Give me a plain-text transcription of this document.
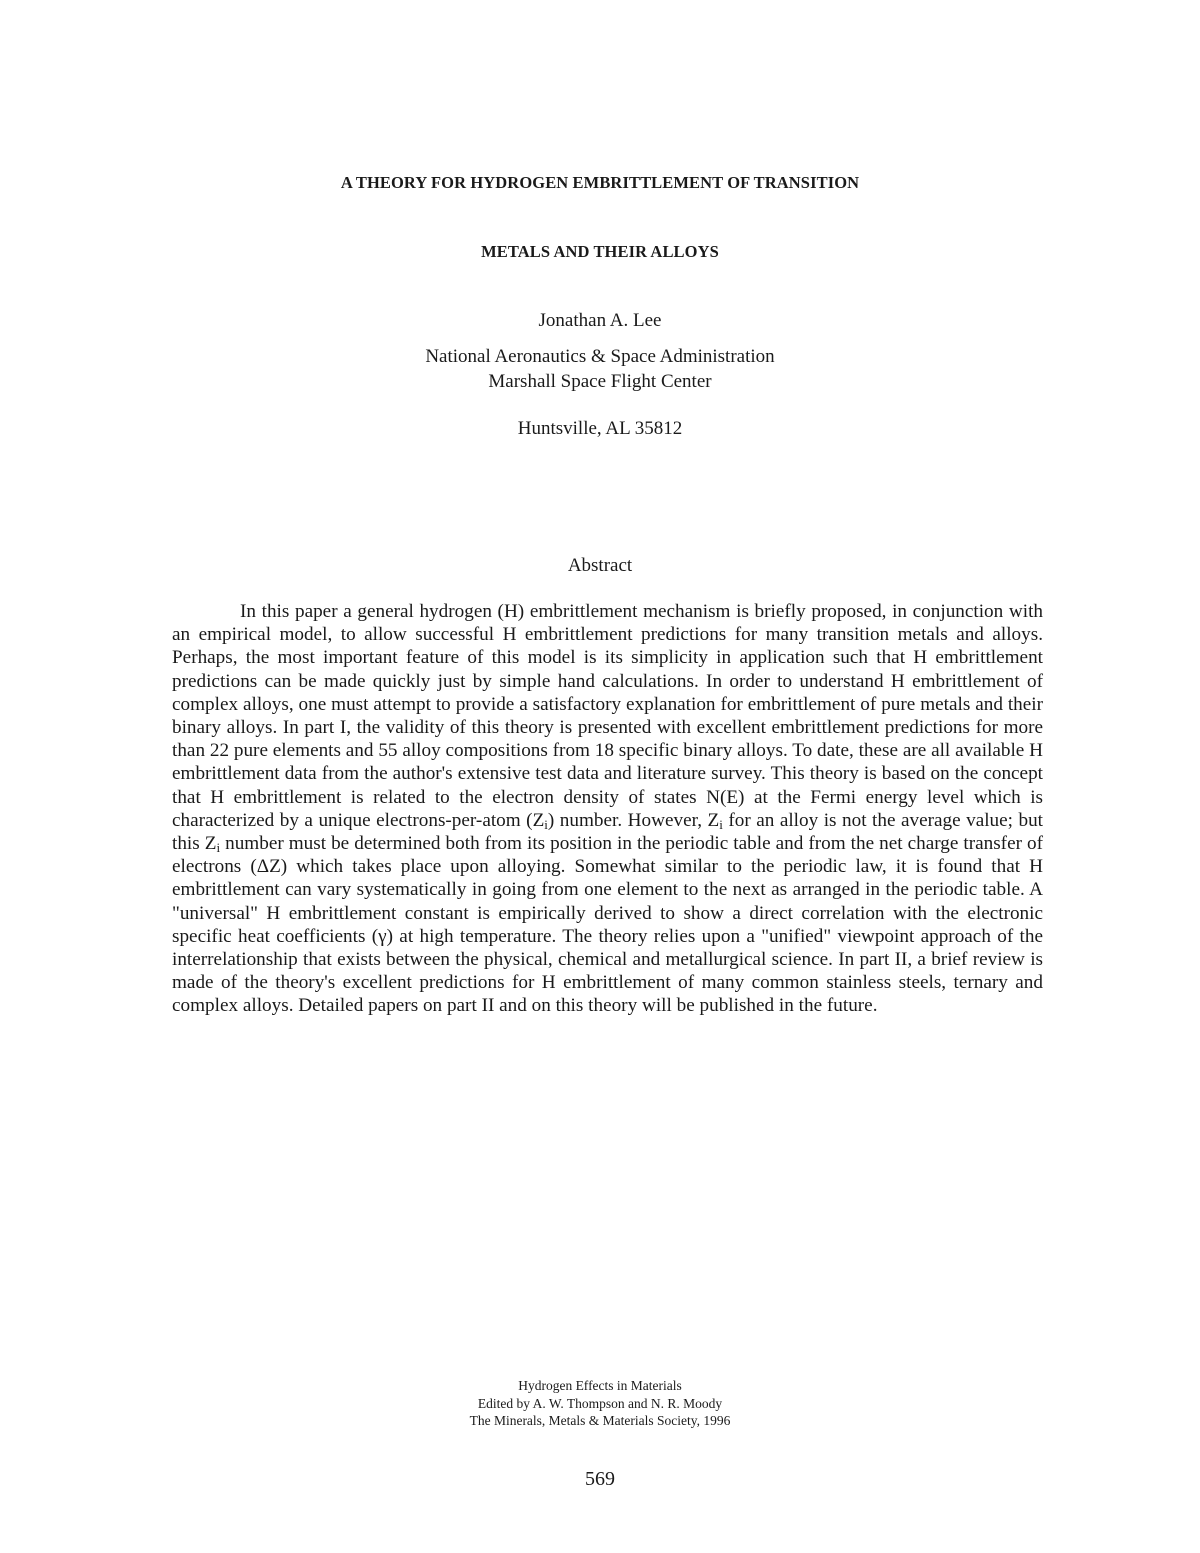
A THEORY FOR HYDROGEN EMBRITTLEMENT OF TRANSITION
METALS AND THEIR ALLOYS
Jonathan A. Lee
National Aeronautics & Space Administration
Marshall Space Flight Center
Huntsville, AL 35812
Abstract

In this paper a general hydrogen (H) embrittlement mechanism is briefly proposed, in conjunction with an empirical model, to allow successful H embrittlement predictions for many transition metals and alloys. Perhaps, the most important feature of this model is its simplicity in application such that H embrittlement predictions can be made quickly just by simple hand calculations. In order to understand H embrittlement of complex alloys, one must attempt to provide a satisfactory explanation for embrittlement of pure metals and their binary alloys. In part I, the validity of this theory is presented with excellent embrittlement predictions for more than 22 pure elements and 55 alloy compositions from 18 specific binary alloys. To date, these are all available H embrittlement data from the author's extensive test data and literature survey. This theory is based on the concept that H embrittlement is related to the electron density of states N(E) at the Fermi energy level which is characterized by a unique electrons-per-atom $(Z_i)$ number. However, $Z_i$ for an alloy is not the average value; but this $Z_i$ number must be determined both from its position in the periodic table and from the net charge transfer of electrons (ΔZ) which takes place upon alloying. Somewhat similar to the periodic law, it is found that H embrittlement can vary systematically in going from one element to the next as arranged in the periodic table. A "universal" H embrittlement constant is empirically derived to show a direct correlation with the electronic specific heat coefficients (γ) at high temperature. The theory relies upon a "unified" viewpoint approach of the interrelationship that exists between the physical, chemical and metallurgical science. In part II, a brief review is made of the theory's excellent predictions for H embrittlement of many common stainless steels, ternary and complex alloys. Detailed papers on part II and on this theory will be published in the future.

Hydrogen Effects in Materials
Edited by A. W. Thompson and N. R. Moody
The Minerals, Metals & Materials Society, 1996
569
